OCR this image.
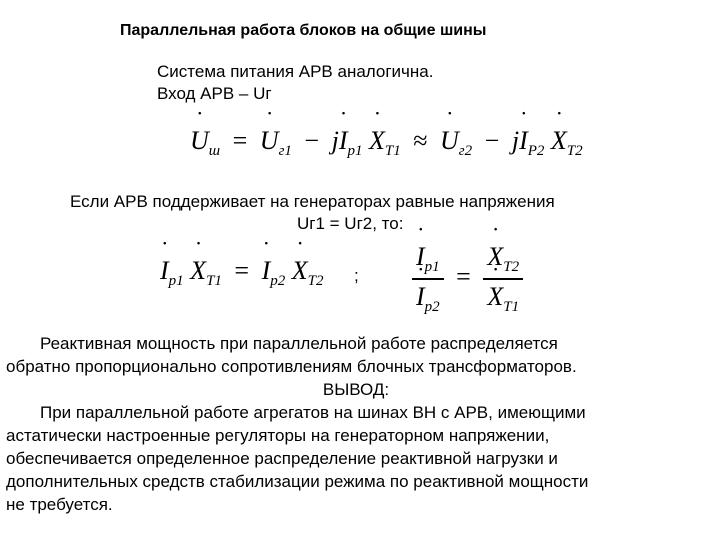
Параллельная работа блоков на общие шины
Система питания АРВ аналогична.
Вход АРВ – Uг
˙ $U_ш$ = ˙ $U_{г1}$ − j˙ $I_{p1}$ ˙ $X_{T1}$ ≈ ˙ $U_{г2}$ − j˙ $I_{P2}$ ˙ $X_{T2}$
Если АРВ поддерживает на генераторах равные напряжения
Uг1 = Uг2, то:
˙ $I_{p1}$ ˙ $X_{T1}$ = ˙ $I_{p2}$ ˙ $X_{T2}$ ; ˙ $I_{p1}$
˙ $I_{p2}$ = ˙ $X_{T2}$
˙ $X_{T1}$
Реактивная мощность при параллельной работе распределяется
обратно пропорционально сопротивлениям блочных трансформаторов.
ВЫВОД:
При параллельной работе агрегатов на шинах ВН с АРВ, имеющими
астатически настроенные регуляторы на генераторном напряжении,
обеспечивается определенное распределение реактивной нагрузки и
дополнительных средств стабилизации режима по реактивной мощности
не требуется.
